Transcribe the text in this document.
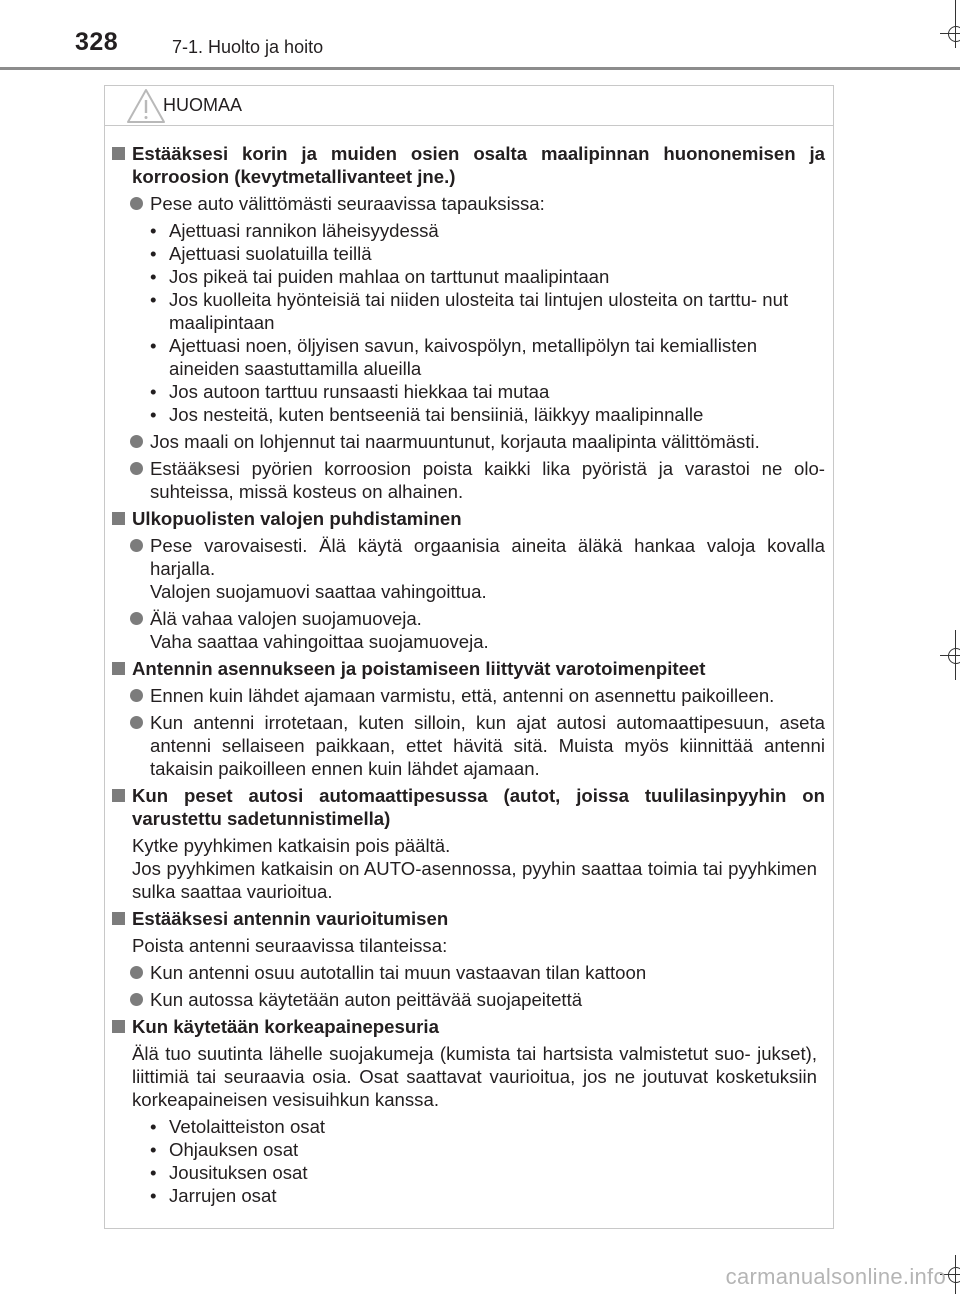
328	7-1. Huolto ja hoito
HUOMAA
Estääksesi korin ja muiden osien osalta maalipinnan huononemisen ja korroosion (kevytmetallivanteet jne.)
Pese auto välittömästi seuraavissa tapauksissa:
• Ajettuasi rannikon läheisyydessä
• Ajettuasi suolatuilla teillä
• Jos pikeä tai puiden mahlaa on tarttunut maalipintaan
• Jos kuolleita hyönteisiä tai niiden ulosteita tai lintujen ulosteita on tarttu- nut maalipintaan
• Ajettuasi noen, öljyisen savun, kaivospölyn, metallipölyn tai kemiallisten aineiden saastuttamilla alueilla
• Jos autoon tarttuu runsaasti hiekkaa tai mutaa
• Jos nesteitä, kuten bentseeniä tai bensiiniä, läikkyy maalipinnalle
Jos maali on lohjennut tai naarmuuntunut, korjauta maalipinta välittömästi.
Estääksesi pyörien korroosion poista kaikki lika pyöristä ja varastoi ne olo- suhteissa, missä kosteus on alhainen.
Ulkopuolisten valojen puhdistaminen
Pese varovaisesti. Älä käytä orgaanisia aineita äläkä hankaa valoja kovalla harjalla.
Valojen suojamuovi saattaa vahingoittua.
Älä vahaa valojen suojamuoveja.
Vaha saattaa vahingoittaa suojamuoveja.
Antennin asennukseen ja poistamiseen liittyvät varotoimenpiteet
Ennen kuin lähdet ajamaan varmistu, että, antenni on asennettu paikoilleen.
Kun antenni irrotetaan, kuten silloin, kun ajat autosi automaattipesuun, aseta antenni sellaiseen paikkaan, ettet hävitä sitä. Muista myös kiinnittää antenni takaisin paikoilleen ennen kuin lähdet ajamaan.
Kun peset autosi automaattipesussa (autot, joissa tuulilasinpyyhin on varustettu sadetunnistimella)
Kytke pyyhkimen katkaisin pois päältä.
Jos pyyhkimen katkaisin on AUTO-asennossa, pyyhin saattaa toimia tai pyyhkimen sulka saattaa vaurioitua.
Estääksesi antennin vaurioitumisen
Poista antenni seuraavissa tilanteissa:
Kun antenni osuu autotallin tai muun vastaavan tilan kattoon
Kun autossa käytetään auton peittävää suojapeitettä
Kun käytetään korkeapainepesuria
Älä tuo suutinta lähelle suojakumeja (kumista tai hartsista valmistetut suo- jukset), liittimiä tai seuraavia osia. Osat saattavat vaurioitua, jos ne joutuvat kosketuksiin korkeapaineisen vesisuihkun kanssa.
• Vetolaitteiston osat
• Ohjauksen osat
• Jousituksen osat
• Jarrujen osat
carmanualsonline.info
